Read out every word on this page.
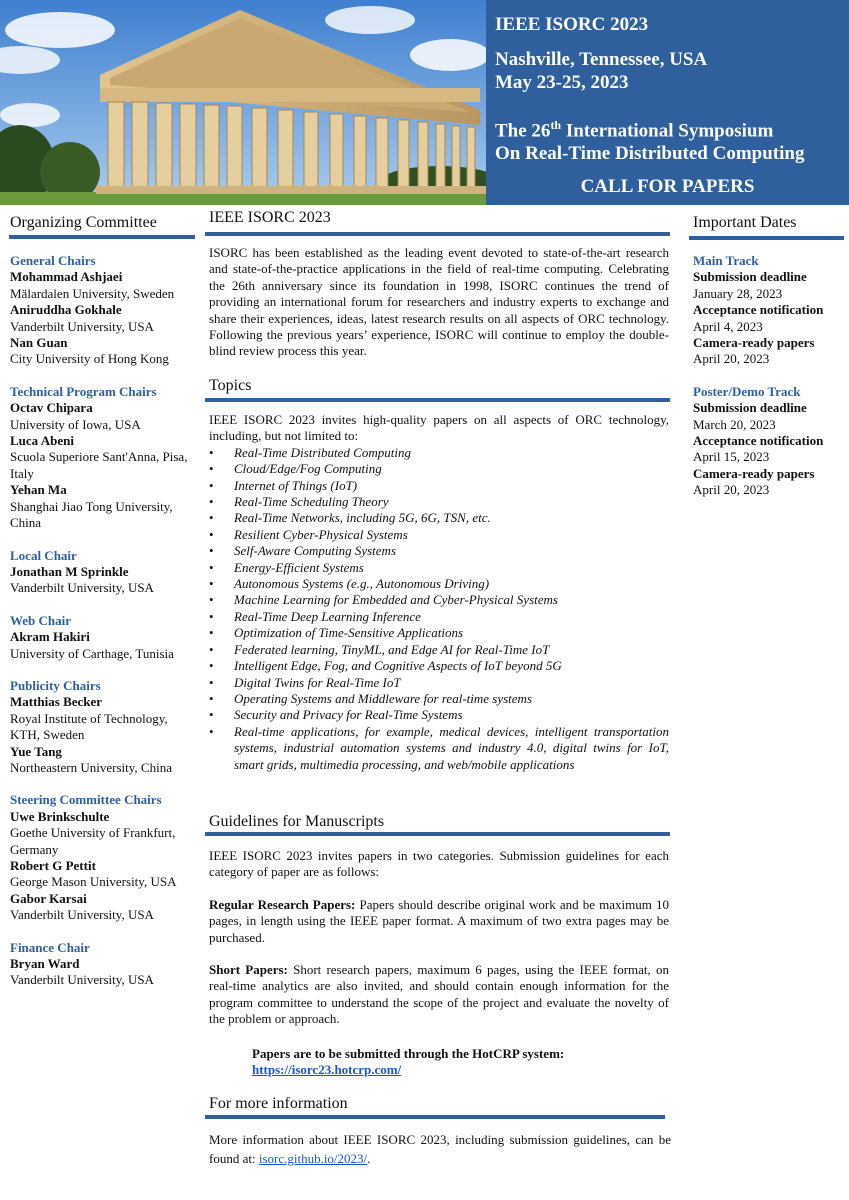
IEEE ISORC 2023
Nashville, Tennessee, USA
May 23-25, 2023
The 26th International Symposium
On Real-Time Distributed Computing
CALL FOR PAPERS
Organizing Committee
General Chairs
Mohammad Ashjaei
Mälardalen University, Sweden
Aniruddha Gokhale
Vanderbilt University, USA
Nan Guan
City University of Hong Kong
Technical Program Chairs
Octav Chipara
University of Iowa, USA
Luca Abeni
Scuola Superiore Sant'Anna, Pisa, Italy
Yehan Ma
Shanghai Jiao Tong University, China
Local Chair
Jonathan M Sprinkle
Vanderbilt University, USA
Web Chair
Akram Hakiri
University of Carthage, Tunisia
Publicity Chairs
Matthias Becker
Royal Institute of Technology, KTH, Sweden
Yue Tang
Northeastern University, China
Steering Committee Chairs
Uwe Brinkschulte
Goethe University of Frankfurt, Germany
Robert G Pettit
George Mason University, USA
Gabor Karsai
Vanderbilt University, USA
Finance Chair
Bryan Ward
Vanderbilt University, USA
IEEE ISORC 2023

ISORC has been established as the leading event devoted to state-of-the-art research and state-of-the-practice applications in the field of real-time computing. Celebrating the 26th anniversary since its foundation in 1998, ISORC continues the trend of providing an international forum for researchers and industry experts to exchange and share their experiences, ideas, latest research results on all aspects of ORC technology. Following the previous years’ experience, ISORC will continue to employ the double-blind review process this year.

Topics

IEEE ISORC 2023 invites high-quality papers on all aspects of ORC technology, including, but not limited to:

• Real-Time Distributed Computing
• Cloud/Edge/Fog Computing
• Internet of Things (IoT)
• Real-Time Scheduling Theory
• Real-Time Networks, including 5G, 6G, TSN, etc.
• Resilient Cyber-Physical Systems
• Self-Aware Computing Systems
• Energy-Efficient Systems
• Autonomous Systems (e.g., Autonomous Driving)
• Machine Learning for Embedded and Cyber-Physical Systems
• Real-Time Deep Learning Inference
• Optimization of Time-Sensitive Applications
• Federated learning, TinyML, and Edge AI for Real-Time IoT
• Intelligent Edge, Fog, and Cognitive Aspects of IoT beyond 5G
• Digital Twins for Real-Time IoT
• Operating Systems and Middleware for real-time systems
• Security and Privacy for Real-Time Systems
• Real-time applications, for example, medical devices, intelligent transportation systems, industrial automation systems and industry 4.0, digital twins for IoT, smart grids, multimedia processing, and web/mobile applications
Guidelines for Manuscripts

IEEE ISORC 2023 invites papers in two categories. Submission guidelines for each category of paper are as follows:

Regular Research Papers: Papers should describe original work and be maximum 10 pages, in length using the IEEE paper format. A maximum of two extra pages may be purchased.

Short Papers: Short research papers, maximum 6 pages, using the IEEE format, on real-time analytics are also invited, and should contain enough information for the program committee to understand the scope of the project and evaluate the novelty of the problem or approach.

Papers are to be submitted through the HotCRP system:
https://isorc23.hotcrp.com/
For more information

More information about IEEE ISORC 2023, including submission guidelines, can be found at: isorc.github.io/2023/.

Important Dates
Main Track
Submission deadline
January 28, 2023
Acceptance notification
April 4, 2023
Camera-ready papers
April 20, 2023
Poster/Demo Track
Submission deadline
March 20, 2023
Acceptance notification
April 15, 2023
Camera-ready papers
April 20, 2023
